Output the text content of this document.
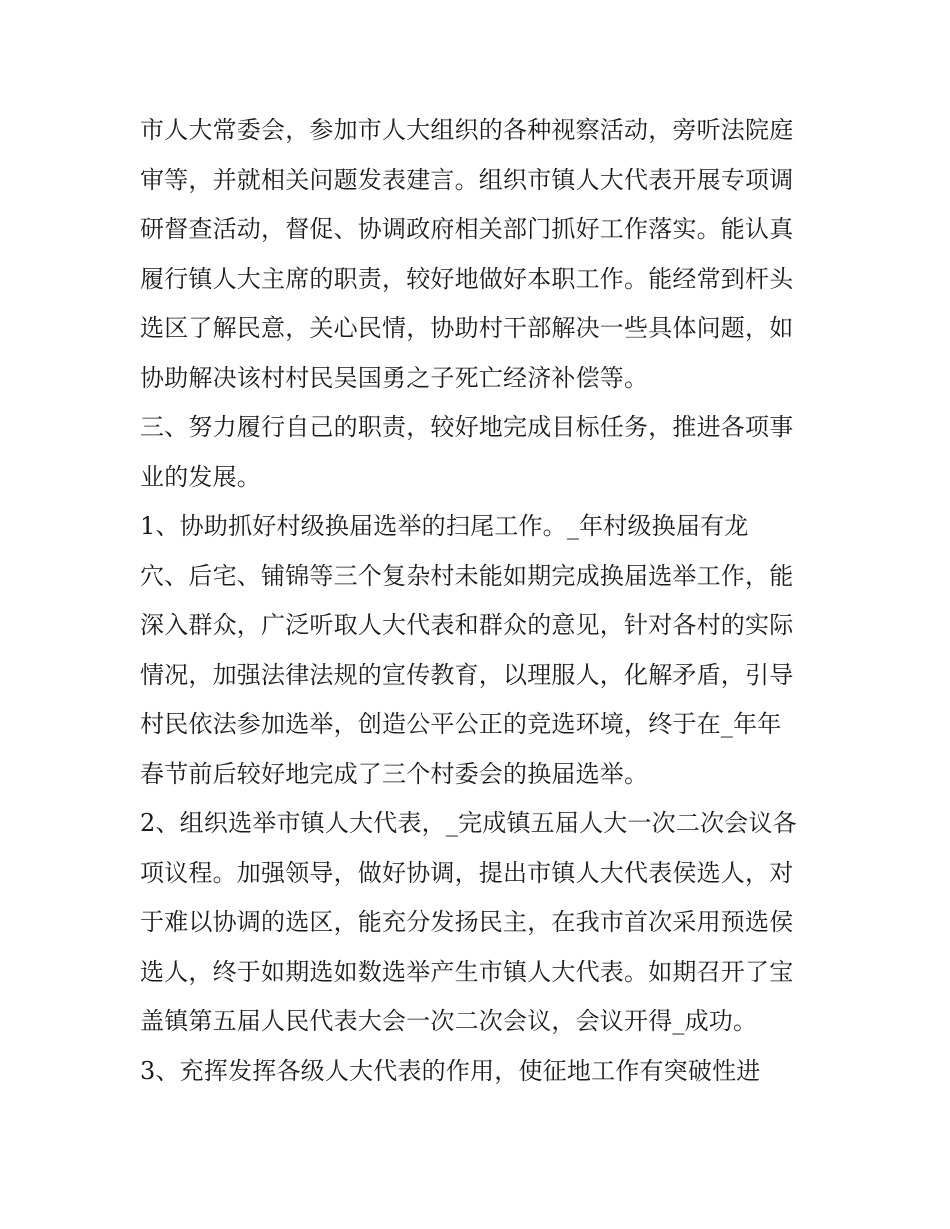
市人大常委会，参加市人大组织的各种视察活动，旁听法院庭
审等，并就相关问题发表建言。组织市镇人大代表开展专项调
研督查活动，督促、协调政府相关部门抓好工作落实。能认真
履行镇人大主席的职责，较好地做好本职工作。能经常到杆头
选区了解民意，关心民情，协助村干部解决一些具体问题，如
协助解决该村村民吴国勇之子死亡经济补偿等。
三、努力履行自己的职责，较好地完成目标任务，推进各项事
业的发展。
1、协助抓好村级换届选举的扫尾工作。_年村级换届有龙
穴、后宅、铺锦等三个复杂村未能如期完成换届选举工作，能
深入群众，广泛听取人大代表和群众的意见，针对各村的实际
情况，加强法律法规的宣传教育，以理服人，化解矛盾，引导
村民依法参加选举，创造公平公正的竞选环境，终于在_年年
春节前后较好地完成了三个村委会的换届选举。
2、组织选举市镇人大代表，_完成镇五届人大一次二次会议各
项议程。加强领导，做好协调，提出市镇人大代表侯选人，对
于难以协调的选区，能充分发扬民主，在我市首次采用预选侯
选人，终于如期选如数选举产生市镇人大代表。如期召开了宝
盖镇第五届人民代表大会一次二次会议，会议开得_成功。
3、充挥发挥各级人大代表的作用，使征地工作有突破性进
